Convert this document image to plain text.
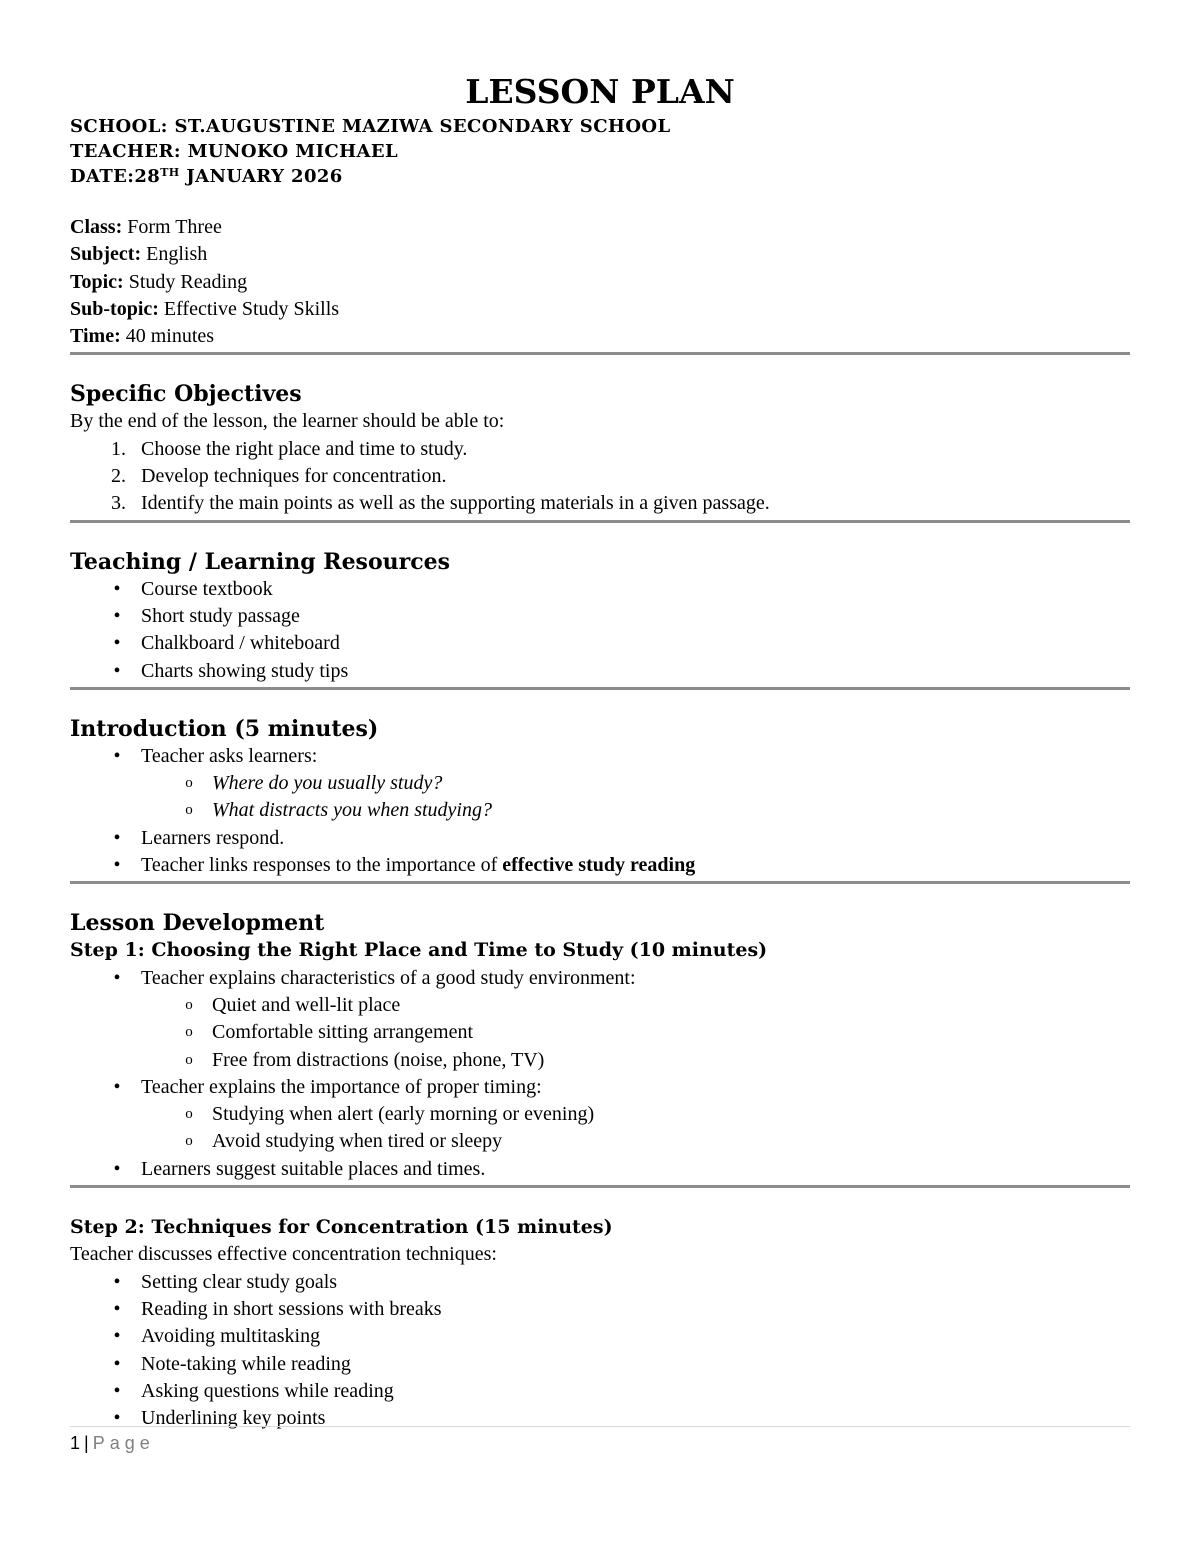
LESSON PLAN
SCHOOL: ST.AUGUSTINE MAZIWA SECONDARY SCHOOL
TEACHER: MUNOKO MICHAEL
DATE:28TH JANUARY 2026
Class: Form Three
Subject: English
Topic: Study Reading
Sub-topic: Effective Study Skills
Time: 40 minutes
Specific Objectives
By the end of the lesson, the learner should be able to:
1. Choose the right place and time to study.
2. Develop techniques for concentration.
3. Identify the main points as well as the supporting materials in a given passage.
Teaching / Learning Resources
•	Course textbook
•	Short study passage
•	Chalkboard / whiteboard
•	Charts showing study tips
Introduction (5 minutes)
•	Teacher asks learners:
o Where do you usually study?
o What distracts you when studying?
•	Learners respond.
•	Teacher links responses to the importance of effective study reading
Lesson Development
Step 1: Choosing the Right Place and Time to Study (10 minutes)
•	Teacher explains characteristics of a good study environment:
o Quiet and well-lit place
o Comfortable sitting arrangement
o Free from distractions (noise, phone, TV)
•	Teacher explains the importance of proper timing:
o Studying when alert (early morning or evening)
o Avoid studying when tired or sleepy
•	Learners suggest suitable places and times.
Step 2: Techniques for Concentration (15 minutes)
Teacher discusses effective concentration techniques:
•	Setting clear study goals
•	Reading in short sessions with breaks
•	Avoiding multitasking
•	Note-taking while reading
•	Asking questions while reading
•	Underlining key points
1 | Page
